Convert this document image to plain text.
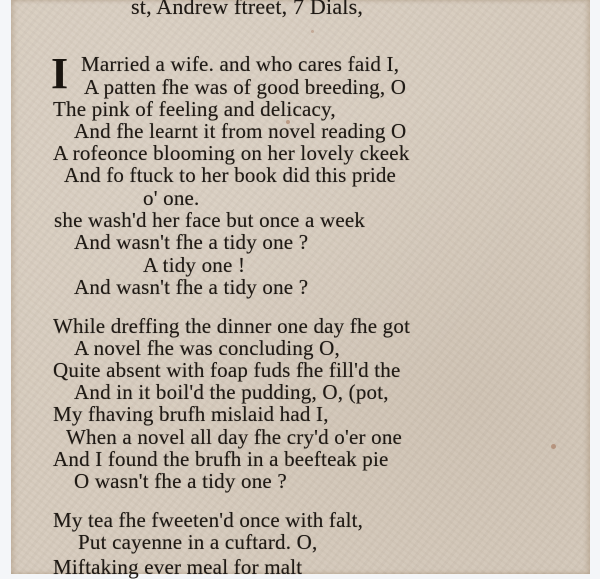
st, Andrew ftreet, 7 Dials,
I Married a wife. and who cares faid I,
A patten fhe was of good breeding, O
The pink of feeling and delicacy,
And fhe learnt it from novel reading O
A rofeonce blooming on her lovely ckeek
And fo ftuck to her book did this pride
o' one.
she wash'd her face but once a week
And wasn't fhe a tidy one ?
A tidy one !
And wasn't fhe a tidy one ?
While dreffing the dinner one day fhe got
A novel fhe was concluding O,
Quite absent with foap fuds fhe fill'd the
And in it boil'd the pudding, O, (pot,
My fhaving brufh mislaid had I,
When a novel all day fhe cry'd o'er one
And I found the brufh in a beefteak pie
O wasn't fhe a tidy one ?
My tea fhe fweeten'd once with falt,
Put cayenne in a cuftard. O,
Miftaking ever meal for malt
